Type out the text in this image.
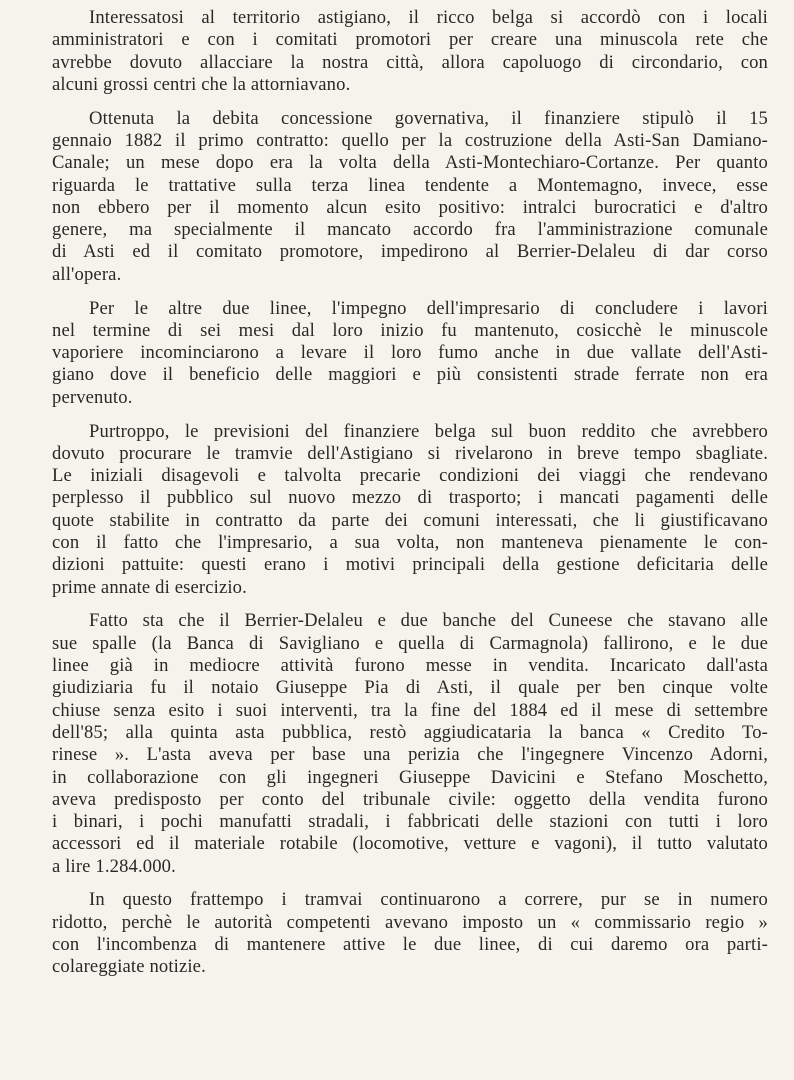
Interessatosi al territorio astigiano, il ricco belga si accordò con i locali
amministratori e con i comitati promotori per creare una minuscola rete che
avrebbe dovuto allacciare la nostra città, allora capoluogo di circondario, con
alcuni grossi centri che la attorniavano.

Ottenuta la debita concessione governativa, il finanziere stipulò il 15
gennaio 1882 il primo contratto: quello per la costruzione della Asti-San Damiano-
Canale; un mese dopo era la volta della Asti-Montechiaro-Cortanze. Per quanto
riguarda le trattative sulla terza linea tendente a Montemagno, invece, esse
non ebbero per il momento alcun esito positivo: intralci burocratici e d'altro
genere, ma specialmente il mancato accordo fra l'amministrazione comunale
di Asti ed il comitato promotore, impedirono al Berrier-Delaleu di dar corso
all'opera.

Per le altre due linee, l'impegno dell'impresario di concludere i lavori
nel termine di sei mesi dal loro inizio fu mantenuto, cosicchè le minuscole
vaporiere incominciarono a levare il loro fumo anche in due vallate dell'Asti-
giano dove il beneficio delle maggiori e più consistenti strade ferrate non era
pervenuto.

Purtroppo, le previsioni del finanziere belga sul buon reddito che avrebbero
dovuto procurare le tramvie dell'Astigiano si rivelarono in breve tempo sbagliate.
Le iniziali disagevoli e talvolta precarie condizioni dei viaggi che rendevano
perplesso il pubblico sul nuovo mezzo di trasporto; i mancati pagamenti delle
quote stabilite in contratto da parte dei comuni interessati, che li giustificavano
con il fatto che l'impresario, a sua volta, non manteneva pienamente le con-
dizioni pattuite: questi erano i motivi principali della gestione deficitaria delle
prime annate di esercizio.

Fatto sta che il Berrier-Delaleu e due banche del Cuneese che stavano alle
sue spalle (la Banca di Savigliano e quella di Carmagnola) fallirono, e le due
linee già in mediocre attività furono messe in vendita. Incaricato dall'asta
giudiziaria fu il notaio Giuseppe Pia di Asti, il quale per ben cinque volte
chiuse senza esito i suoi interventi, tra la fine del 1884 ed il mese di settembre
dell'85; alla quinta asta pubblica, restò aggiudicataria la banca « Credito To-
rinese ». L'asta aveva per base una perizia che l'ingegnere Vincenzo Adorni,
in collaborazione con gli ingegneri Giuseppe Davicini e Stefano Moschetto,
aveva predisposto per conto del tribunale civile: oggetto della vendita furono
i binari, i pochi manufatti stradali, i fabbricati delle stazioni con tutti i loro
accessori ed il materiale rotabile (locomotive, vetture e vagoni), il tutto valutato
a lire 1.284.000.

In questo frattempo i tramvai continuarono a correre, pur se in numero
ridotto, perchè le autorità competenti avevano imposto un « commissario regio »
con l'incombenza di mantenere attive le due linee, di cui daremo ora parti-
colareggiate notizie.
